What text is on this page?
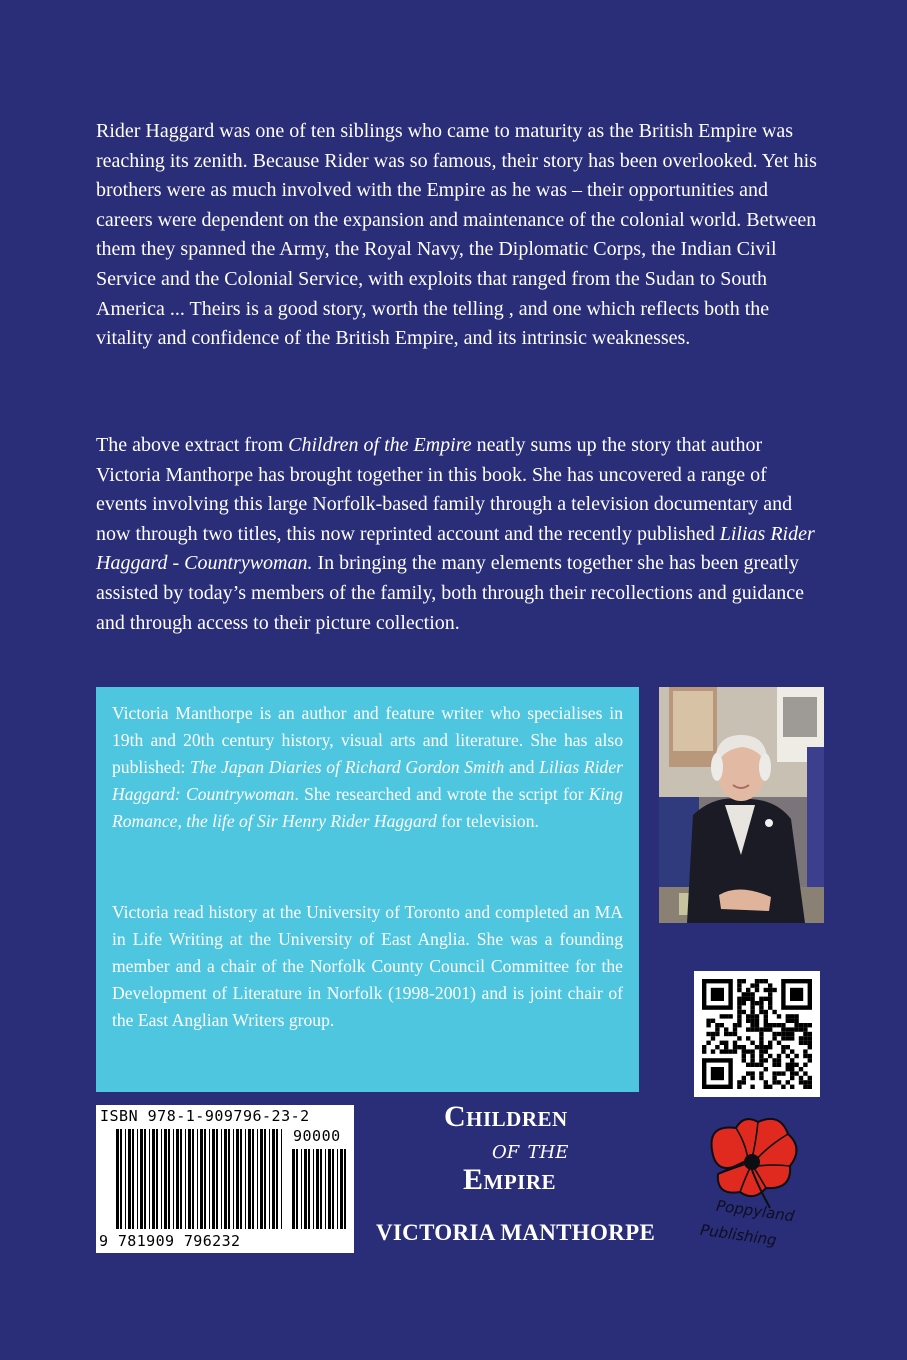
Rider Haggard was one of ten siblings who came to maturity as the British Empire was reaching its zenith. Because Rider was so famous, their story has been overlooked. Yet his brothers were as much involved with the Empire as he was – their opportunities and careers were dependent on the expansion and maintenance of the colonial world. Between them they spanned the Army, the Royal Navy, the Diplomatic Corps, the Indian Civil Service and the Colonial Service, with exploits that ranged from the Sudan to South America ... Theirs is a good story, worth the telling , and one which reflects both the vitality and confidence of the British Empire, and its intrinsic weaknesses.

The above extract from Children of the Empire neatly sums up the story that author Victoria Manthorpe has brought together in this book. She has uncovered a range of events involving this large Norfolk-based family through a television documentary and now through two titles, this now reprinted account and the recently published Lilias Rider Haggard - Countrywoman. In bringing the many elements together she has been greatly assisted by today’s members of the family, both through their recollections and guidance and through access to their picture collection.

Victoria Manthorpe is an author and feature writer who specialises in 19th and 20th century history, visual arts and literature. She has also published: The Japan Diaries of Richard Gordon Smith and Lilias Rider Haggard: Countrywoman. She researched and wrote the script for King Romance, the life of Sir Henry Rider Haggard for television.

Victoria read history at the University of Toronto and completed an MA in Life Writing at the University of East Anglia. She was a founding member and a chair of the Norfolk County Council Committee for the Development of Literature in Norfolk (1998-2001) and is joint chair of the East Anglian Writers group.

ISBN 978-1-909796-23-2
90000
9 781909 796232
Children
of the
Empire
VICTORIA MANTHORPE
Poppyland
Publishing
